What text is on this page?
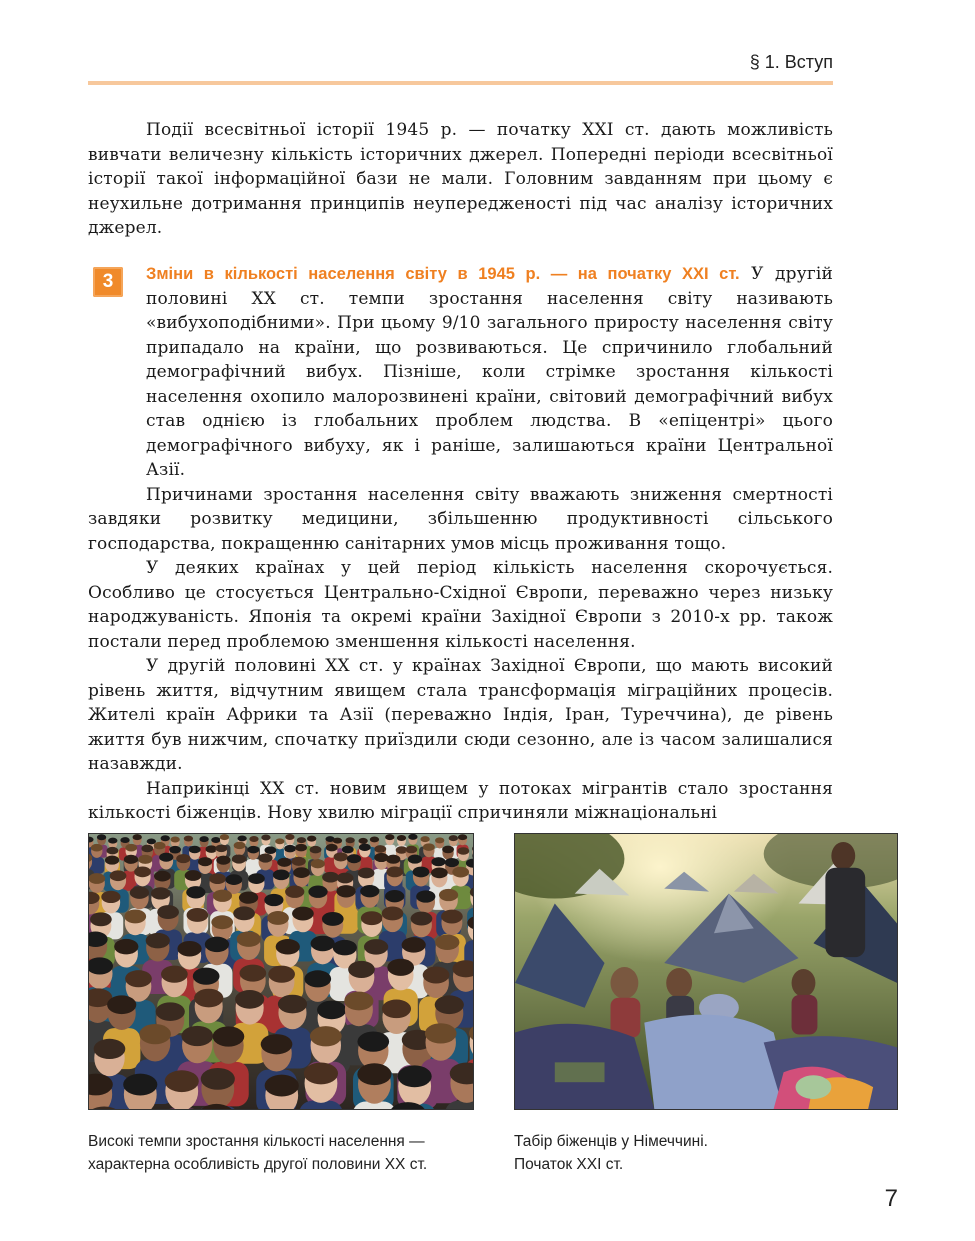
§ 1. Вступ

Події всесвітньої історії 1945 р. — початку XXI ст. дають можливість вивчати величезну кількість історичних джерел. Попередні періоди всесвітньої історії такої інформаційної бази не мали. Головним завданням при цьому є неухильне дотримання принципів неупередженості під час аналізу історичних джерел.

3	Зміни в кількості населення світу в 1945 р. — на початку XXI ст. У другій половині XX ст. темпи зростання населення світу називають «вибухоподібними». При цьому 9/10 загального приросту населення світу припадало на країни, що розвиваються. Це спричинило глобальний демографічний вибух. Пізніше, коли стрімке зростання кількості населення охопило малорозвинені країни, світовий демографічний вибух став однією із глобальних проблем людства. В «епіцентрі» цього демографічного вибуху, як і раніше, залишаються країни Центральної Азії.

Причинами зростання населення світу вважають зниження смертності завдяки розвитку медицини, збільшенню продуктивності сільського господарства, покращенню санітарних умов місць проживання тощо.

У деяких країнах у цей період кількість населення скорочується. Особливо це стосується Центрально-Східної Європи, переважно через низьку народжуваність. Японія та окремі країни Західної Європи з 2010-х рр. також постали перед проблемою зменшення кількості населення.

У другій половині XX ст. у країнах Західної Європи, що мають високий рівень життя, відчутним явищем стала трансформація міграційних процесів. Жителі країн Африки та Азії (переважно Індія, Іран, Туреччина), де рівень життя був нижчим, спочатку приїздили сюди сезонно, але із часом залишалися назавжди.

Наприкінці XX ст. новим явищем у потоках мігрантів стало зростання кількості біженців. Нову хвилю міграції спричиняли міжнаціональні

Високі темпи зростання кількості населення —
характерна особливість другої половини XX ст.
Табір біженців у Німеччині.
Початок XXI ст.
7
